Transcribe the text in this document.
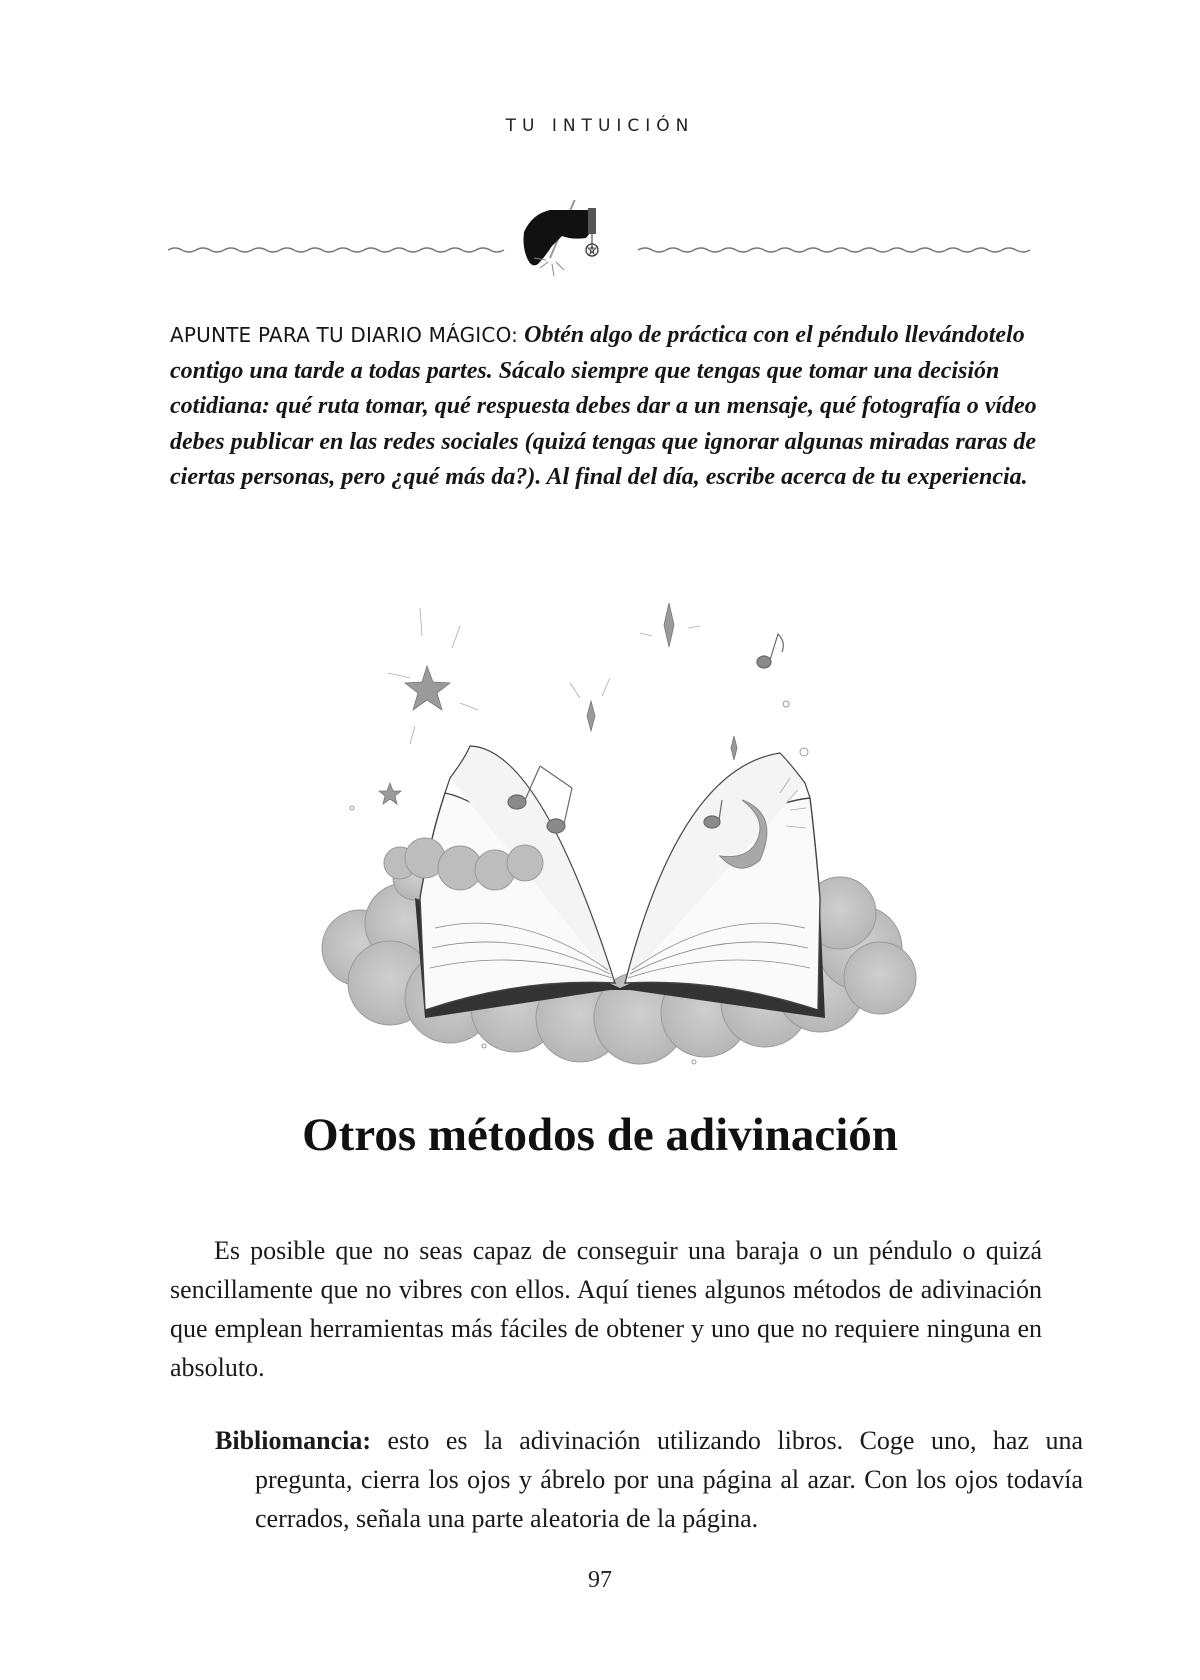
TU INTUICIÓN
APUNTE PARA TU DIARIO MÁGICO: Obtén algo de práctica con el péndulo llevándotelo contigo una tarde a todas partes. Sácalo siempre que tengas que tomar una decisión cotidiana: qué ruta tomar, qué respuesta debes dar a un mensaje, qué fotografía o vídeo debes publicar en las redes sociales (quizá tengas que ignorar algunas miradas raras de ciertas personas, pero ¿qué más da?). Al final del día, escribe acerca de tu experiencia.
Otros métodos de adivinación

Es posible que no seas capaz de conseguir una baraja o un péndulo o quizá sencillamente que no vibres con ellos. Aquí tienes algunos métodos de adivinación que emplean herramientas más fáciles de obtener y uno que no requiere ninguna en absoluto.

Bibliomancia: esto es la adivinación utilizando libros. Coge uno, haz una pregunta, cierra los ojos y ábrelo por una página al azar. Con los ojos todavía cerrados, señala una parte aleatoria de la página.

97
